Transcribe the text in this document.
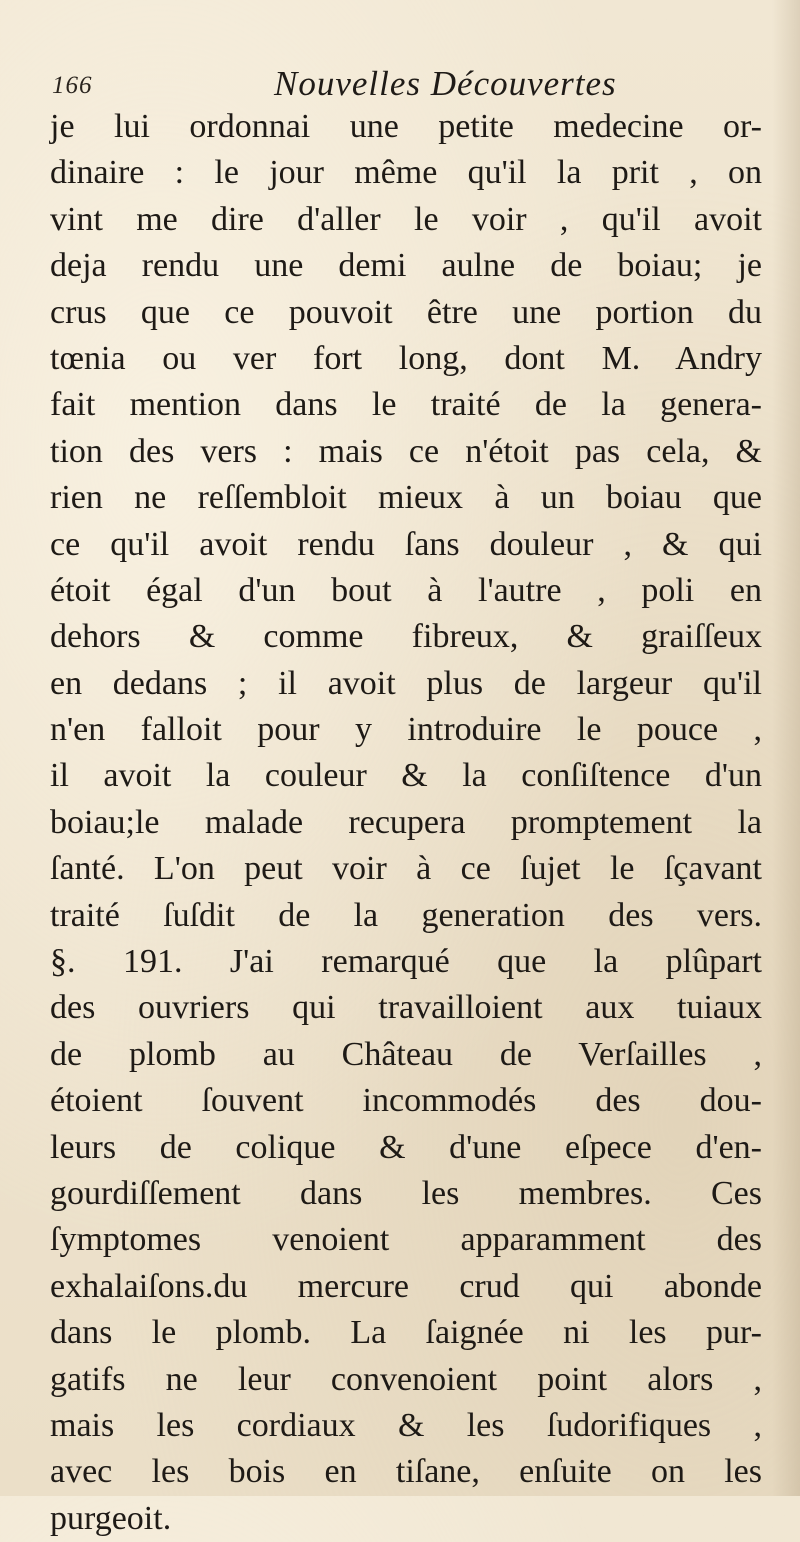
166	Nouvelles Découvertes
je lui ordonnai une petite medecine or-
dinaire : le jour même qu'il la prit , on
vint me dire d'aller le voir , qu'il avoit
deja rendu une demi aulne de boiau; je
crus que ce pouvoit être une portion du
tœnia ou ver fort long, dont M. Andry
fait mention dans le traité de la genera-
tion des vers : mais ce n'étoit pas cela, &
rien ne reſſembloit mieux à un boiau que
ce qu'il avoit rendu ſans douleur , & qui
étoit égal d'un bout à l'autre , poli en
dehors & comme fibreux, & graiſſeux
en dedans ; il avoit plus de largeur qu'il
n'en falloit pour y introduire le pouce ,
il avoit la couleur & la conſiſtence d'un
boiau;le malade recupera promptement la
ſanté. L'on peut voir à ce ſujet le ſçavant
traité ſuſdit de la generation des vers.
§. 191. J'ai remarqué que la plûpart
des ouvriers qui travailloient aux tuiaux
de plomb au Château de Verſailles ,
étoient ſouvent incommodés des dou-
leurs de colique & d'une eſpece d'en-
gourdiſſement dans les membres. Ces
ſymptomes venoient apparamment des
exhalaiſons.du mercure crud qui abonde
dans le plomb. La ſaignée ni les pur-
gatifs ne leur convenoient point alors ,
mais les cordiaux & les ſudorifiques ,
avec les bois en tiſane, enſuite on les
purgeoit.
